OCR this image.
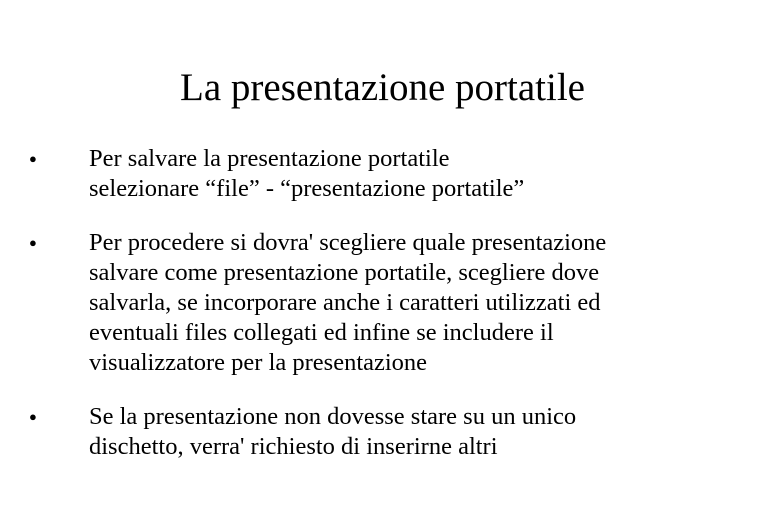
La presentazione portatile
●	Per salvare la presentazione portatile
selezionare “file” - “presentazione portatile”
●	Per procedere si dovra' scegliere quale presentazione
salvare come presentazione portatile, scegliere dove
salvarla, se incorporare anche i caratteri utilizzati ed
eventuali files collegati ed infine se includere il
visualizzatore per la presentazione
●	Se la presentazione non dovesse stare su un unico
dischetto, verra' richiesto di inserirne altri
